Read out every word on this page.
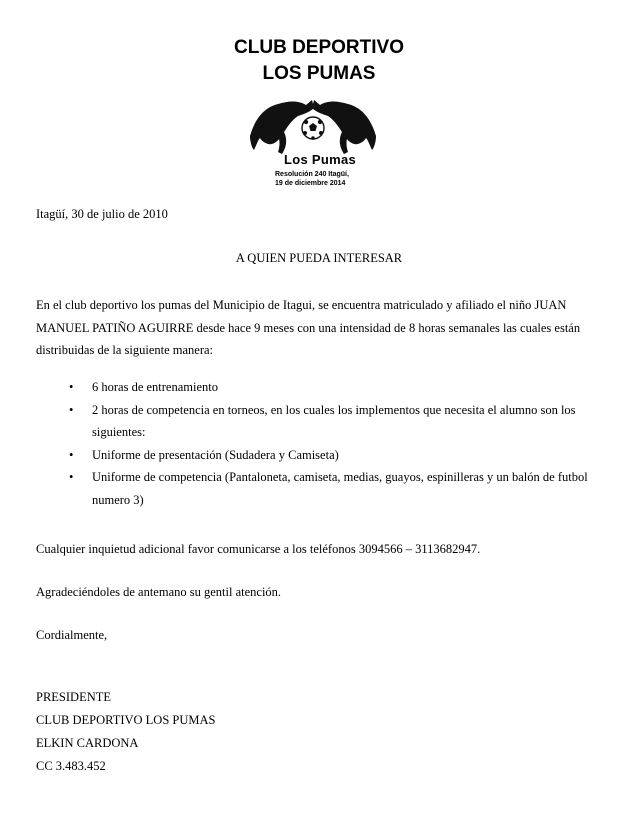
CLUB DEPORTIVO
LOS PUMAS
Los Pumas
Resolución 240 Itagüí,
19 de diciembre 2014
Itagüí, 30 de julio de 2010
A QUIEN PUEDA INTERESAR
En el club deportivo los pumas del Municipio de Itagui, se encuentra matriculado y afiliado el niño JUAN
MANUEL PATIÑO AGUIRRE desde hace 9 meses con una intensidad de 8 horas semanales las cuales están
distribuidas de la siguiente manera:
• 6 horas de entrenamiento
• 2 horas de competencia en torneos, en los cuales los implementos que necesita el alumno son los
siguientes:
• Uniforme de presentación (Sudadera y Camiseta)
• Uniforme de competencia (Pantaloneta, camiseta, medias, guayos, espinilleras y un balón de futbol
numero 3)
Cualquier inquietud adicional favor comunicarse a los teléfonos 3094566 – 3113682947.
Agradeciéndoles de antemano su gentil atención.
Cordialmente,
PRESIDENTE
CLUB DEPORTIVO LOS PUMAS
ELKIN CARDONA
CC 3.483.452
